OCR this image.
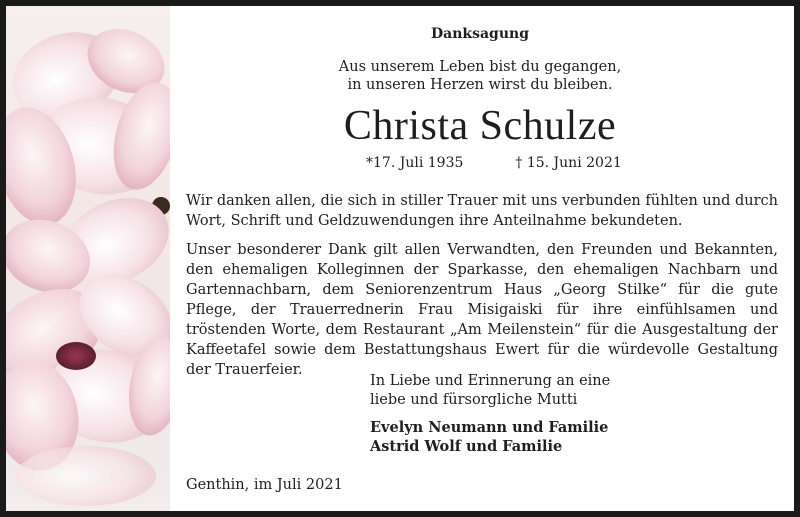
Danksagung
Aus unserem Leben bist du gegangen,
in unseren Herzen wirst du bleiben.
Christa Schulze
*17. Juli 1935	† 15. Juni 2021
Wir danken allen, die sich in stiller Trauer mit uns verbunden fühlten und durch Wort, Schrift und Geldzuwendungen ihre Anteilnahme bekundeten.
Unser besonderer Dank gilt allen Verwandten, den Freunden und Bekannten, den ehemaligen Kolleginnen der Sparkasse, den ehemaligen Nachbarn und Gartennachbarn, dem Seniorenzentrum Haus „Georg Stilke“ für die gute Pflege, der Trauerrednerin Frau Misigaiski für ihre einfühlsamen und tröstenden Worte, dem Restaurant „Am Meilenstein“ für die Ausgestaltung der Kaffeetafel sowie dem Bestattungshaus Ewert für die würdevolle Gestaltung der Trauerfeier.
In Liebe und Erinnerung an eine
liebe und fürsorgliche Mutti
Evelyn Neumann und Familie
Astrid Wolf und Familie
Genthin, im Juli 2021
